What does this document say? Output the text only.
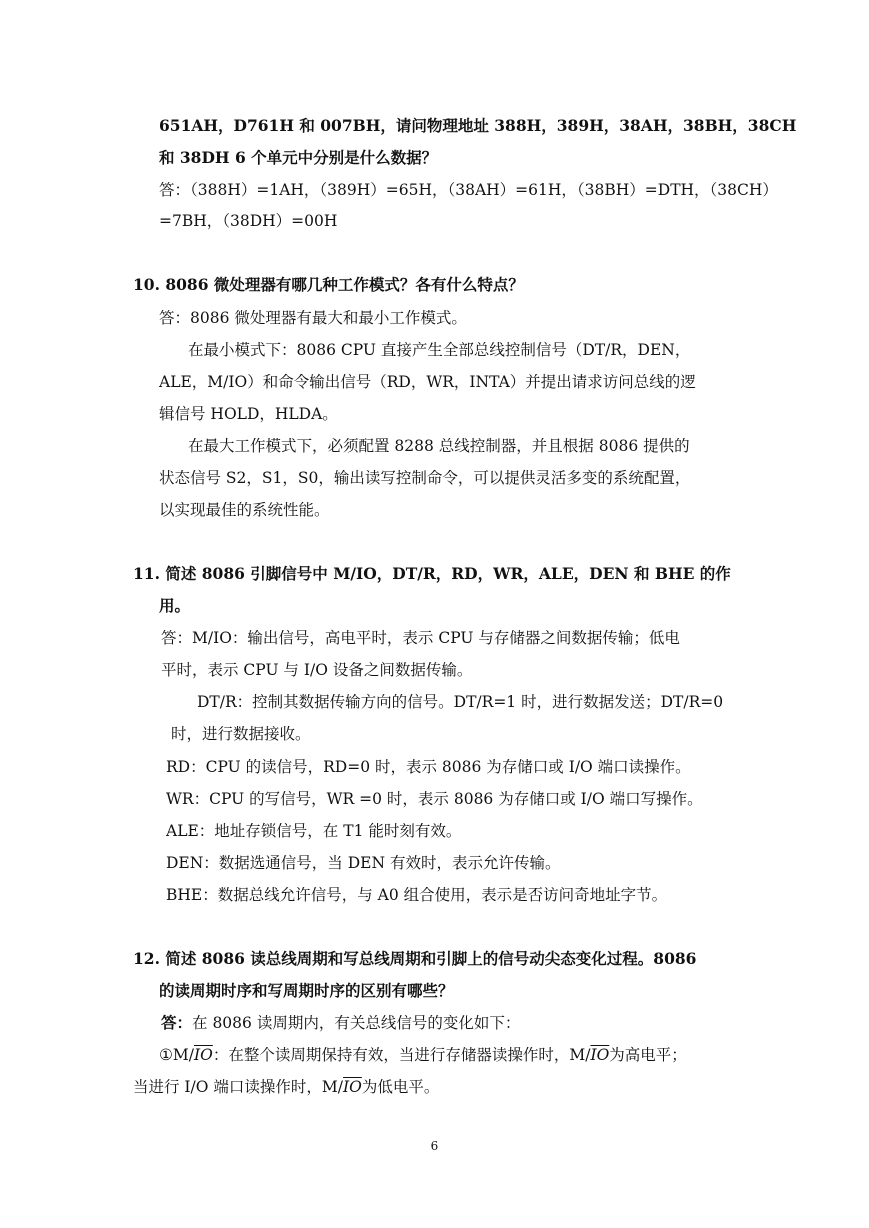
651AH，D761H 和 007BH，请问物理地址 388H，389H，38AH，38BH，38CH
和 38DH 6 个单元中分别是什么数据？
答：（388H）=1AH，（389H）=65H，（38AH）=61H，（38BH）=DTH，（38CH）
=7BH，（38DH）=00H
10. 8086 微处理器有哪几种工作模式？各有什么特点？
答：8086 微处理器有最大和最小工作模式。
在最小模式下：8086 CPU 直接产生全部总线控制信号（DT/R，DEN，
ALE，M/IO）和命令输出信号（RD，WR，INTA）并提出请求访问总线的逻
辑信号 HOLD，HLDA。
在最大工作模式下，必须配置 8288 总线控制器，并且根据 8086 提供的
状态信号 S2，S1，S0，输出读写控制命令，可以提供灵活多变的系统配置，
以实现最佳的系统性能。
11. 简述 8086 引脚信号中 M/IO，DT/R，RD，WR，ALE，DEN 和 BHE 的作
用。
答：M/IO：输出信号，高电平时，表示 CPU 与存储器之间数据传输；低电
平时，表示 CPU 与 I/O 设备之间数据传输。
DT/R：控制其数据传输方向的信号。DT/R=1 时，进行数据发送；DT/R=0
时，进行数据接收。
RD：CPU 的读信号，RD=0 时，表示 8086 为存储口或 I/O 端口读操作。
WR：CPU 的写信号，WR =0 时，表示 8086 为存储口或 I/O 端口写操作。
ALE：地址存锁信号，在 T1 能时刻有效。
DEN：数据选通信号，当 DEN 有效时，表示允许传输。
BHE：数据总线允许信号，与 A0 组合使用，表示是否访问奇地址字节。
12. 简述 8086 读总线周期和写总线周期和引脚上的信号动尖态变化过程。8086
的读周期时序和写周期时序的区别有哪些？
答：在 8086 读周期内，有关总线信号的变化如下：
$①M/\overline{IO}$：在整个读周期保持有效，当进行存储器读操作时，$M/\overline{IO}$为高电平；
当进行 I/O 端口读操作时，$M/\overline{IO}$为低电平。
6
